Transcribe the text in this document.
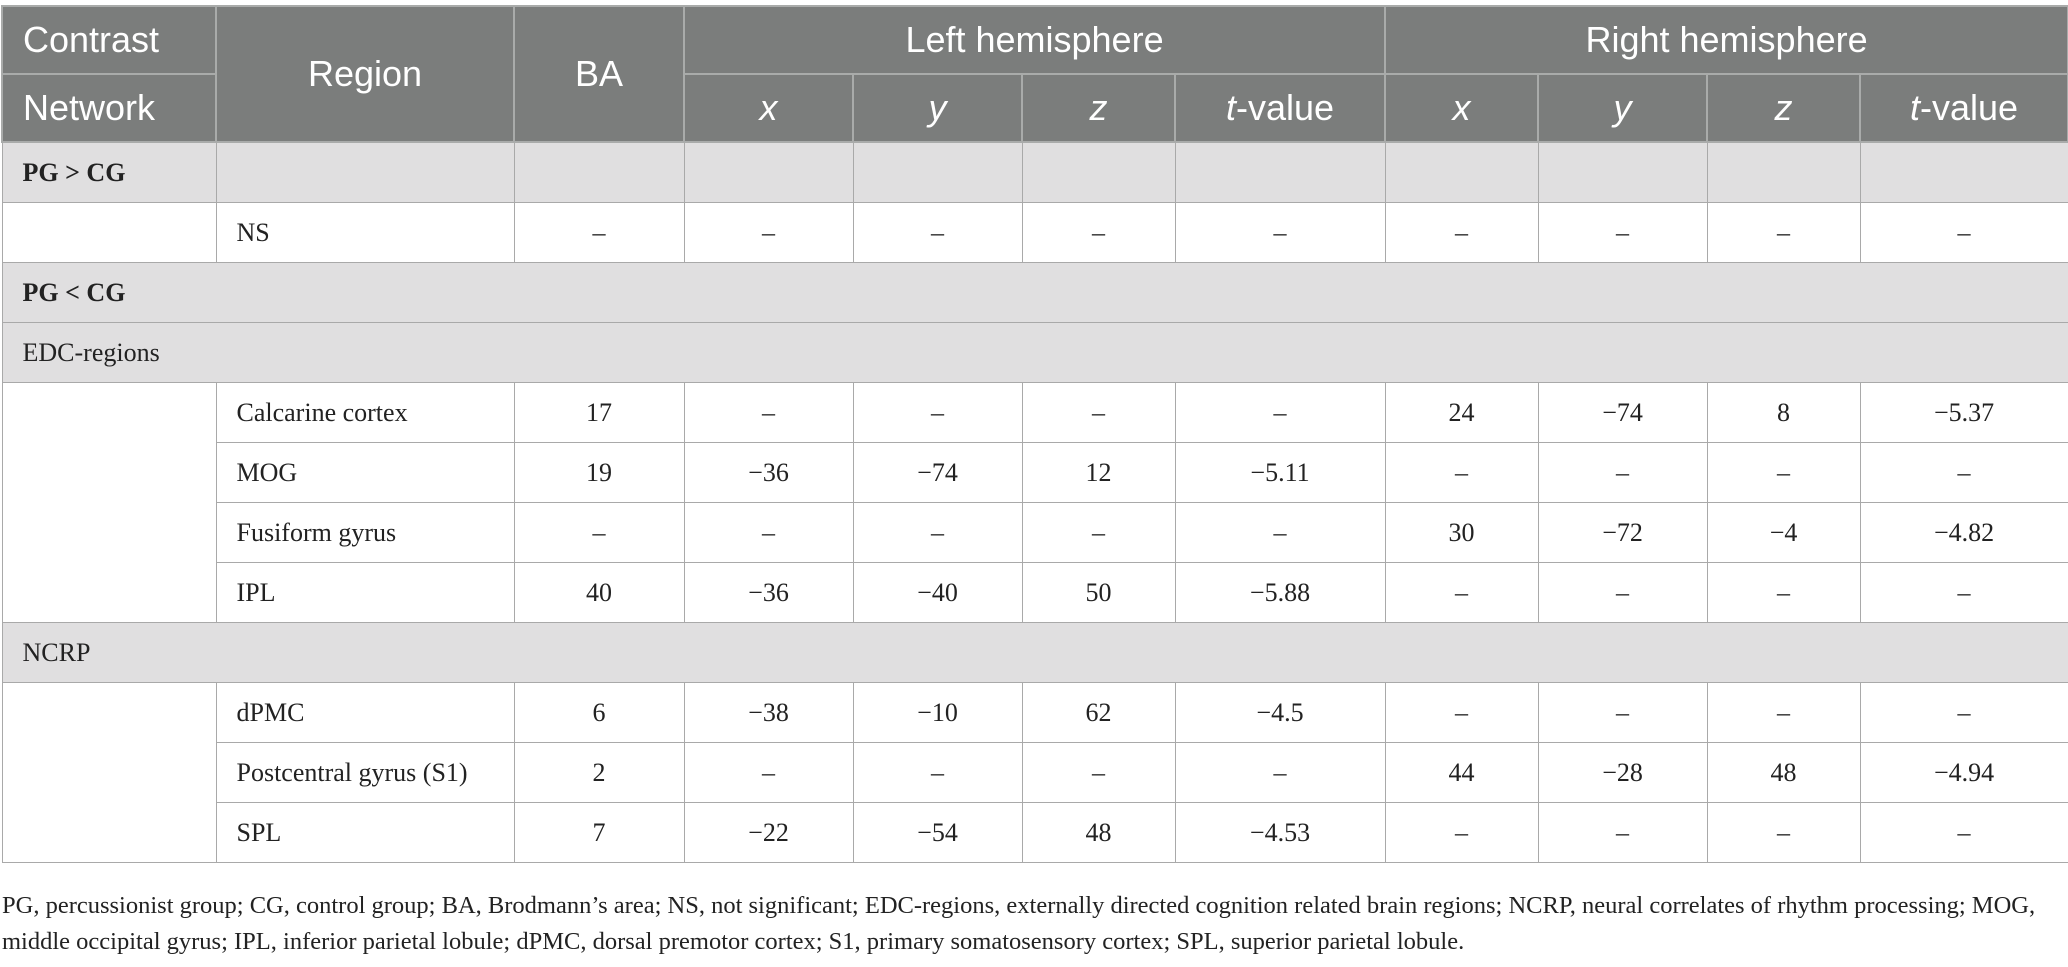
Contrast	Region	BA	Left hemisphere				Right hemisphere			
Network			x	y	z	t-value	x	y	z	t-value
PG > CG										
	NS	–	–	–	–	–	–	–	–	–
PG < CG										
EDC-regions										
	Calcarine cortex	17	–	–	–	–	24	−74	8	−5.37
	MOG	19	−36	−74	12	−5.11	–	–	–	–
	Fusiform gyrus	–	–	–	–	–	30	−72	−4	−4.82
	IPL	40	−36	−40	50	−5.88	–	–	–	–
NCRP										
	dPMC	6	−38	−10	62	−4.5	–	–	–	–
	Postcentral gyrus (S1)	2	–	–	–	–	44	−28	48	−4.94
	SPL	7	−22	−54	48	−4.53	–	–	–	–
PG, percussionist group; CG, control group; BA, Brodmann’s area; NS, not significant; EDC-regions, externally directed cognition related brain regions; NCRP, neural correlates of rhythm processing; MOG, middle occipital gyrus; IPL, inferior parietal lobule; dPMC, dorsal premotor cortex; S1, primary somatosensory cortex; SPL, superior parietal lobule.
